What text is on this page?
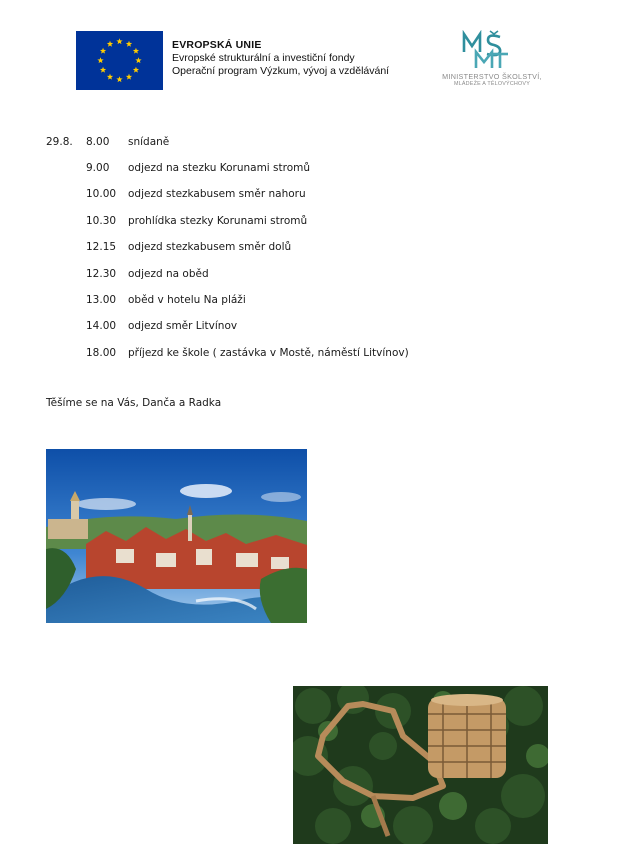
EVROPSKÁ UNIE
Evropské strukturální a investiční fondy
Operační program Výzkum, vývoj a vzdělávání	MINISTERSTVO ŠKOLSTVÍ,
MLÁDEŽE A TĚLOVÝCHOVY
29.8. 8.00	snídaně
9.00	odjezd na stezku Korunami stromů
10.00	odjezd stezkabusem směr nahoru
10.30	prohlídka stezky Korunami stromů
12.15	odjezd stezkabusem směr dolů
12.30	odjezd na oběd
13.00	oběd v hotelu Na pláži
14.00	odjezd směr Litvínov
18.00	příjezd ke škole ( zastávka v Mostě, náměstí Litvínov)
Těšíme se na Vás, Danča a Radka
